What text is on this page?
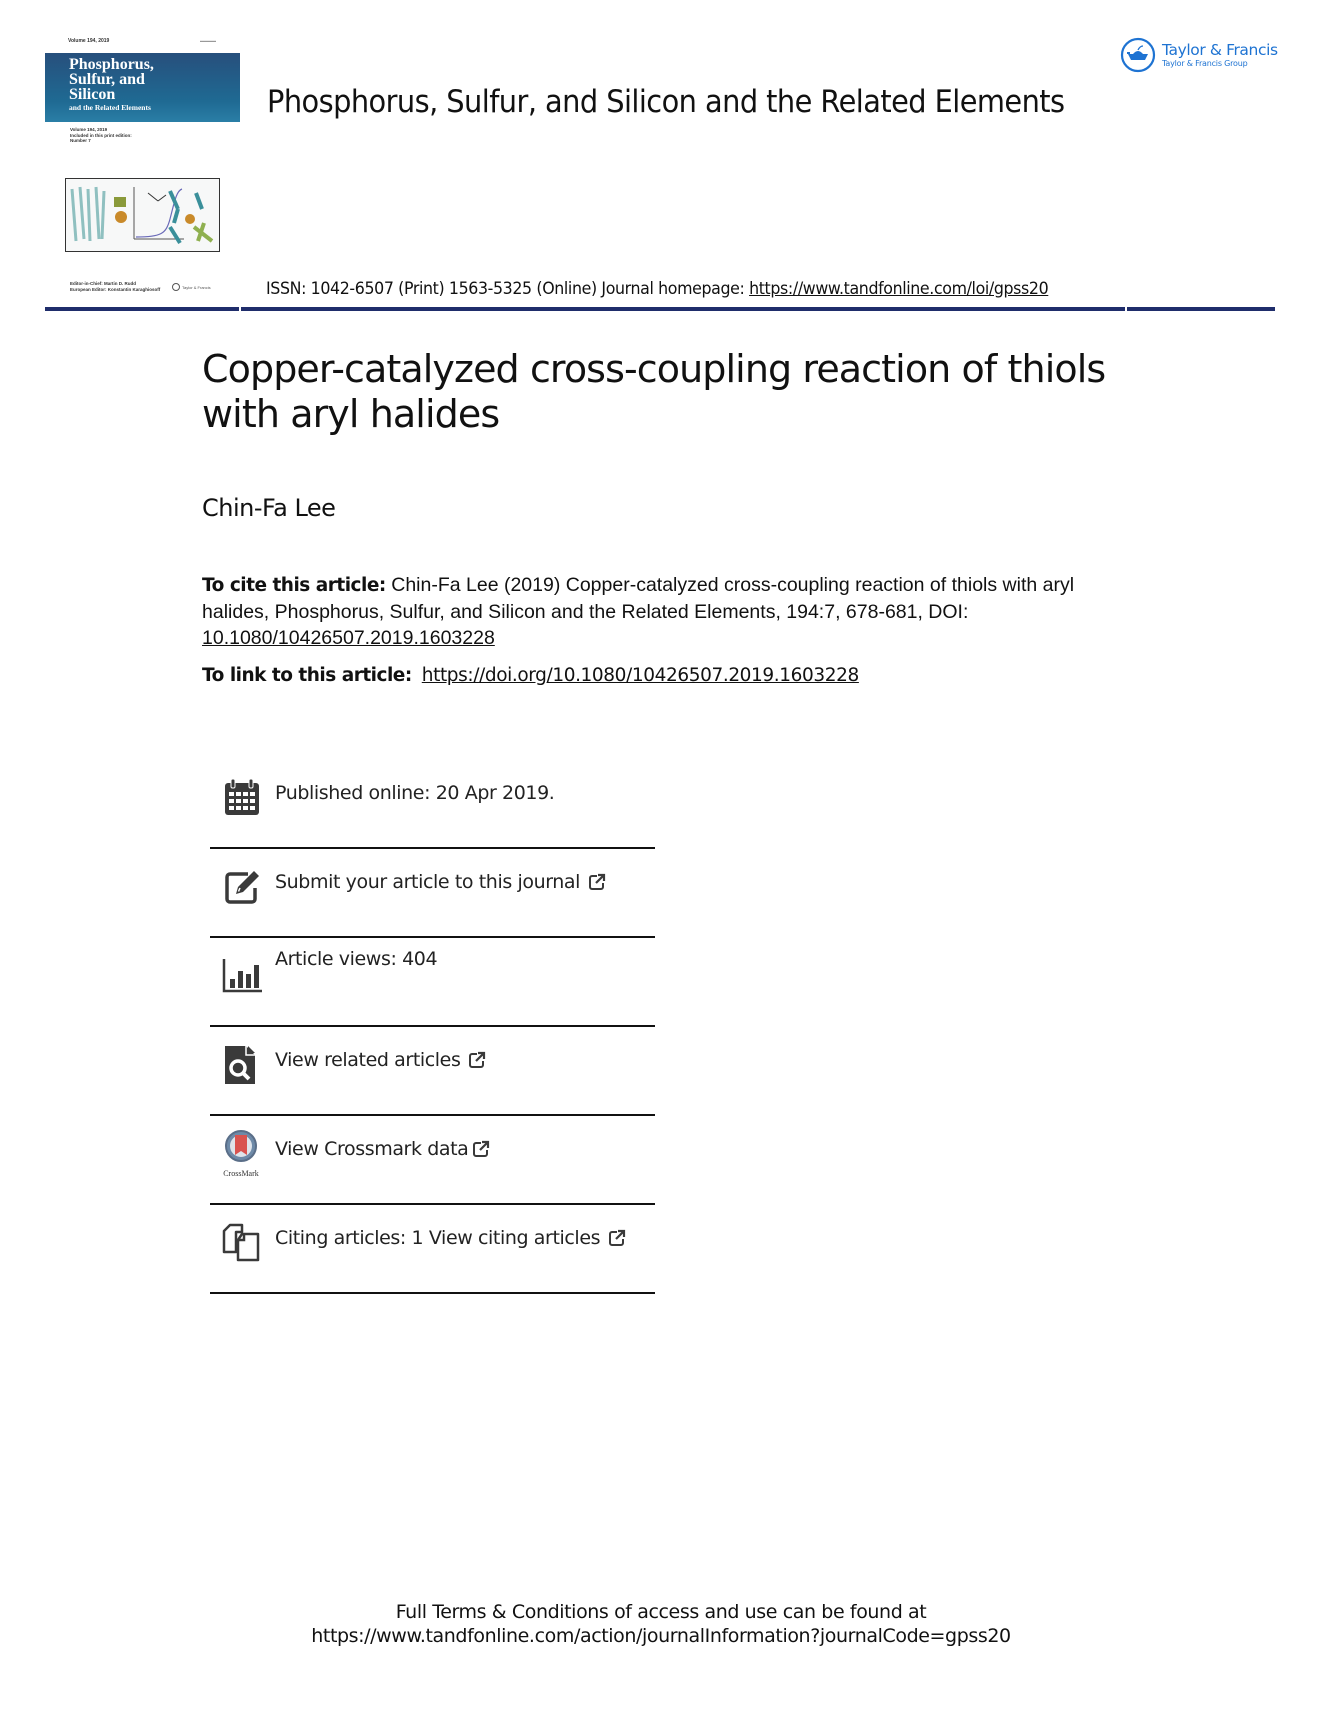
Volume 194, 2019	▬▬▬▬
Phosphorus,
Sulfur, and
Silicon
and the Related Elements
Volume 194, 2019
Included in this print edition:
Number 7
Editor-in-Chief: Martin D. Rudd
European Editor: Konstantin Karaghiosoff	Taylor & Francis
Phosphorus, Sulfur, and Silicon and the Related Elements
Taylor & Francis
Taylor & Francis Group
ISSN: 1042-6507 (Print) 1563-5325 (Online) Journal homepage: https://www.tandfonline.com/loi/gpss20
Copper-catalyzed cross-coupling reaction of thiols with aryl halides
Chin-Fa Lee
To cite this article: Chin-Fa Lee (2019) Copper-catalyzed cross-coupling reaction of thiols with aryl halides, Phosphorus, Sulfur, and Silicon and the Related Elements, 194:7, 678-681, DOI:
10.1080/10426507.2019.1603228
To link to this article: https://doi.org/10.1080/10426507.2019.1603228
Published online: 20 Apr 2019.
Submit your article to this journal
Article views: 404
View related articles
CrossMark
View Crossmark data
Citing articles: 1 View citing articles
Full Terms & Conditions of access and use can be found at
https://www.tandfonline.com/action/journalInformation?journalCode=gpss20
